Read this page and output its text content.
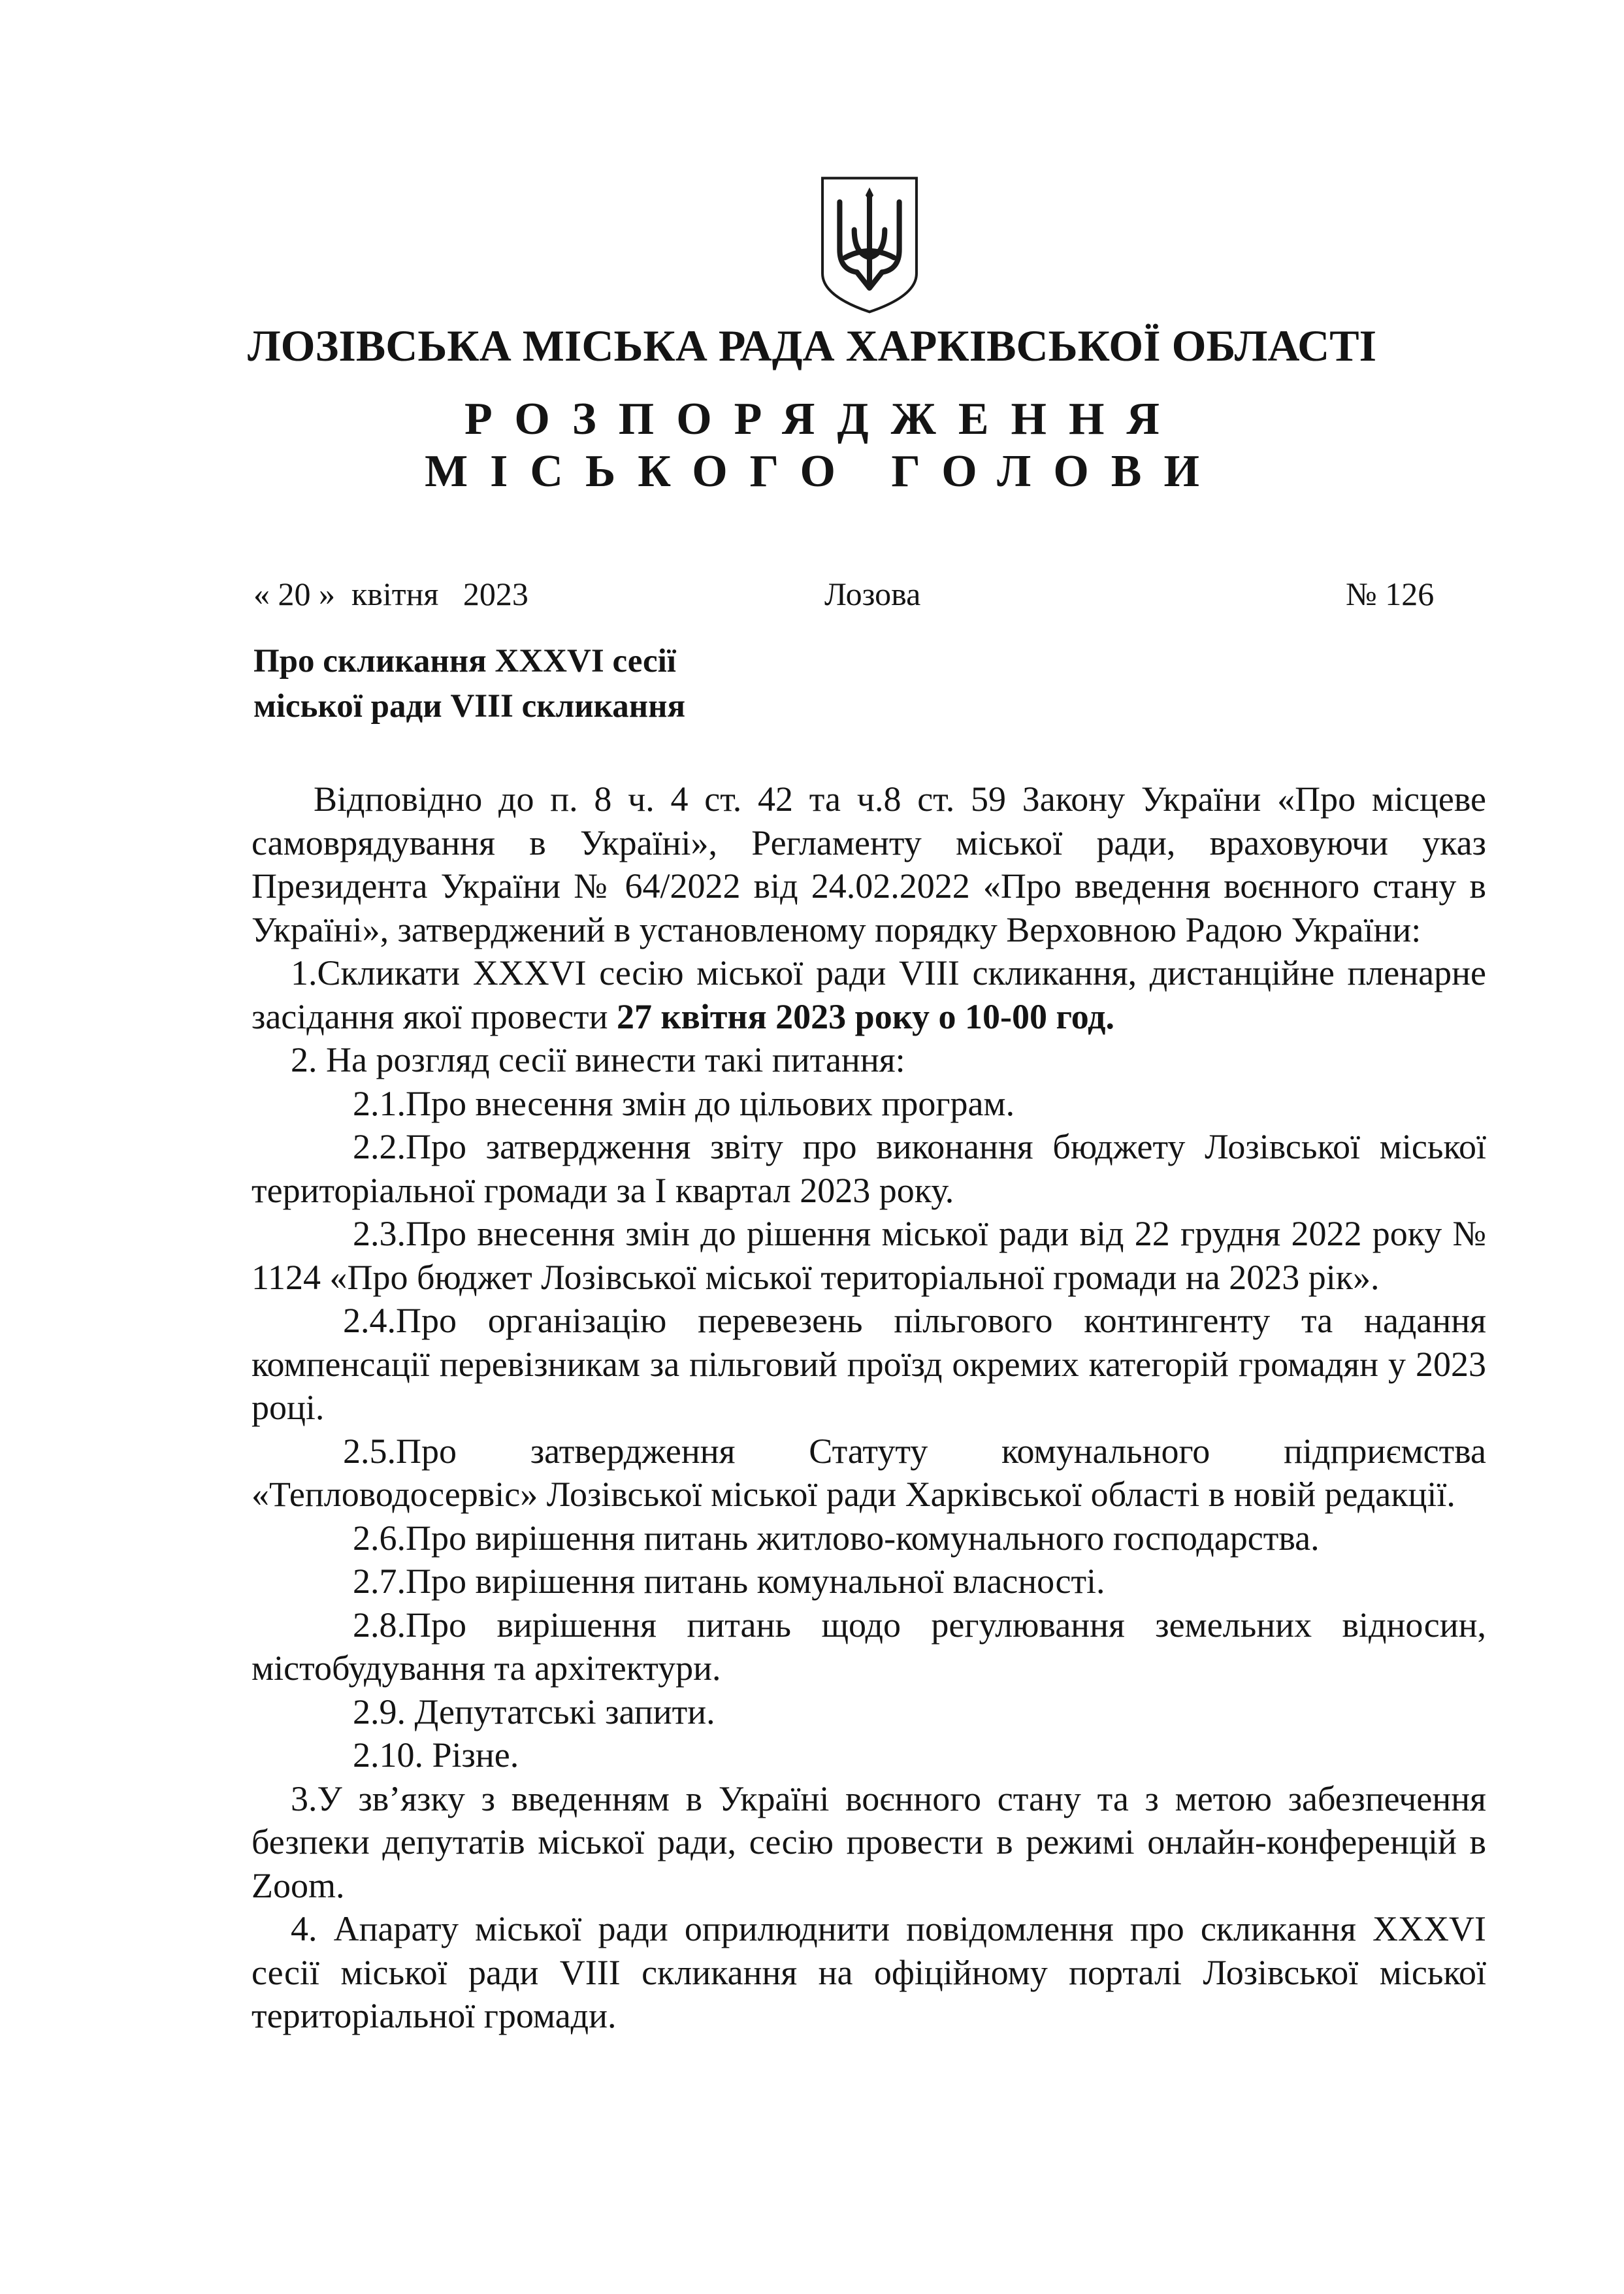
ЛОЗІВСЬКА МІСЬКА РАДА ХАРКІВСЬКОЇ ОБЛАСТІ
РОЗПОРЯДЖЕННЯ
МІСЬКОГО ГОЛОВИ
« 20 »  квітня   2023	Лозова	№ 126
Про скликання XXXVI сесії
міської ради VIII скликання

Відповідно до п. 8 ч. 4 ст. 42 та ч.8 ст. 59 Закону України «Про місцеве самоврядування в Україні», Регламенту міської ради, враховуючи указ Президента України № 64/2022 від 24.02.2022 «Про введення воєнного стану в Україні», затверджений в установленому порядку Верховною Радою України:

1.Скликати XXXVI сесію міської ради VIII скликання, дистанційне пленарне засідання якої провести 27 квітня 2023 року о 10-00 год.

2. На розгляд сесії винести такі питання:

2.1.Про внесення змін до цільових програм.

2.2.Про затвердження звіту про виконання бюджету Лозівської міської територіальної громади за І квартал 2023 року.

2.3.Про внесення змін до рішення міської ради від 22 грудня 2022 року № 1124 «Про бюджет Лозівської міської територіальної громади на 2023 рік».

2.4.Про організацію перевезень пільгового контингенту та надання компенсації перевізникам за пільговий проїзд окремих категорій громадян у 2023 році.

2.5.Про затвердження Статуту комунального підприємства «Тепловодосервіс» Лозівської міської ради Харківської області в новій редакції.

2.6.Про вирішення питань житлово-комунального господарства.

2.7.Про вирішення питань комунальної власності.

2.8.Про вирішення питань щодо регулювання земельних відносин, містобудування та архітектури.

2.9. Депутатські запити.

2.10. Різне.

3.У зв’язку з введенням в Україні воєнного стану та з метою забезпечення безпеки депутатів міської ради, сесію провести в режимі онлайн-конференцій в Zoom.

4. Апарату міської ради оприлюднити повідомлення про скликання XXXVI сесії міської ради VIII скликання на офіційному порталі Лозівської міської територіальної громади.
